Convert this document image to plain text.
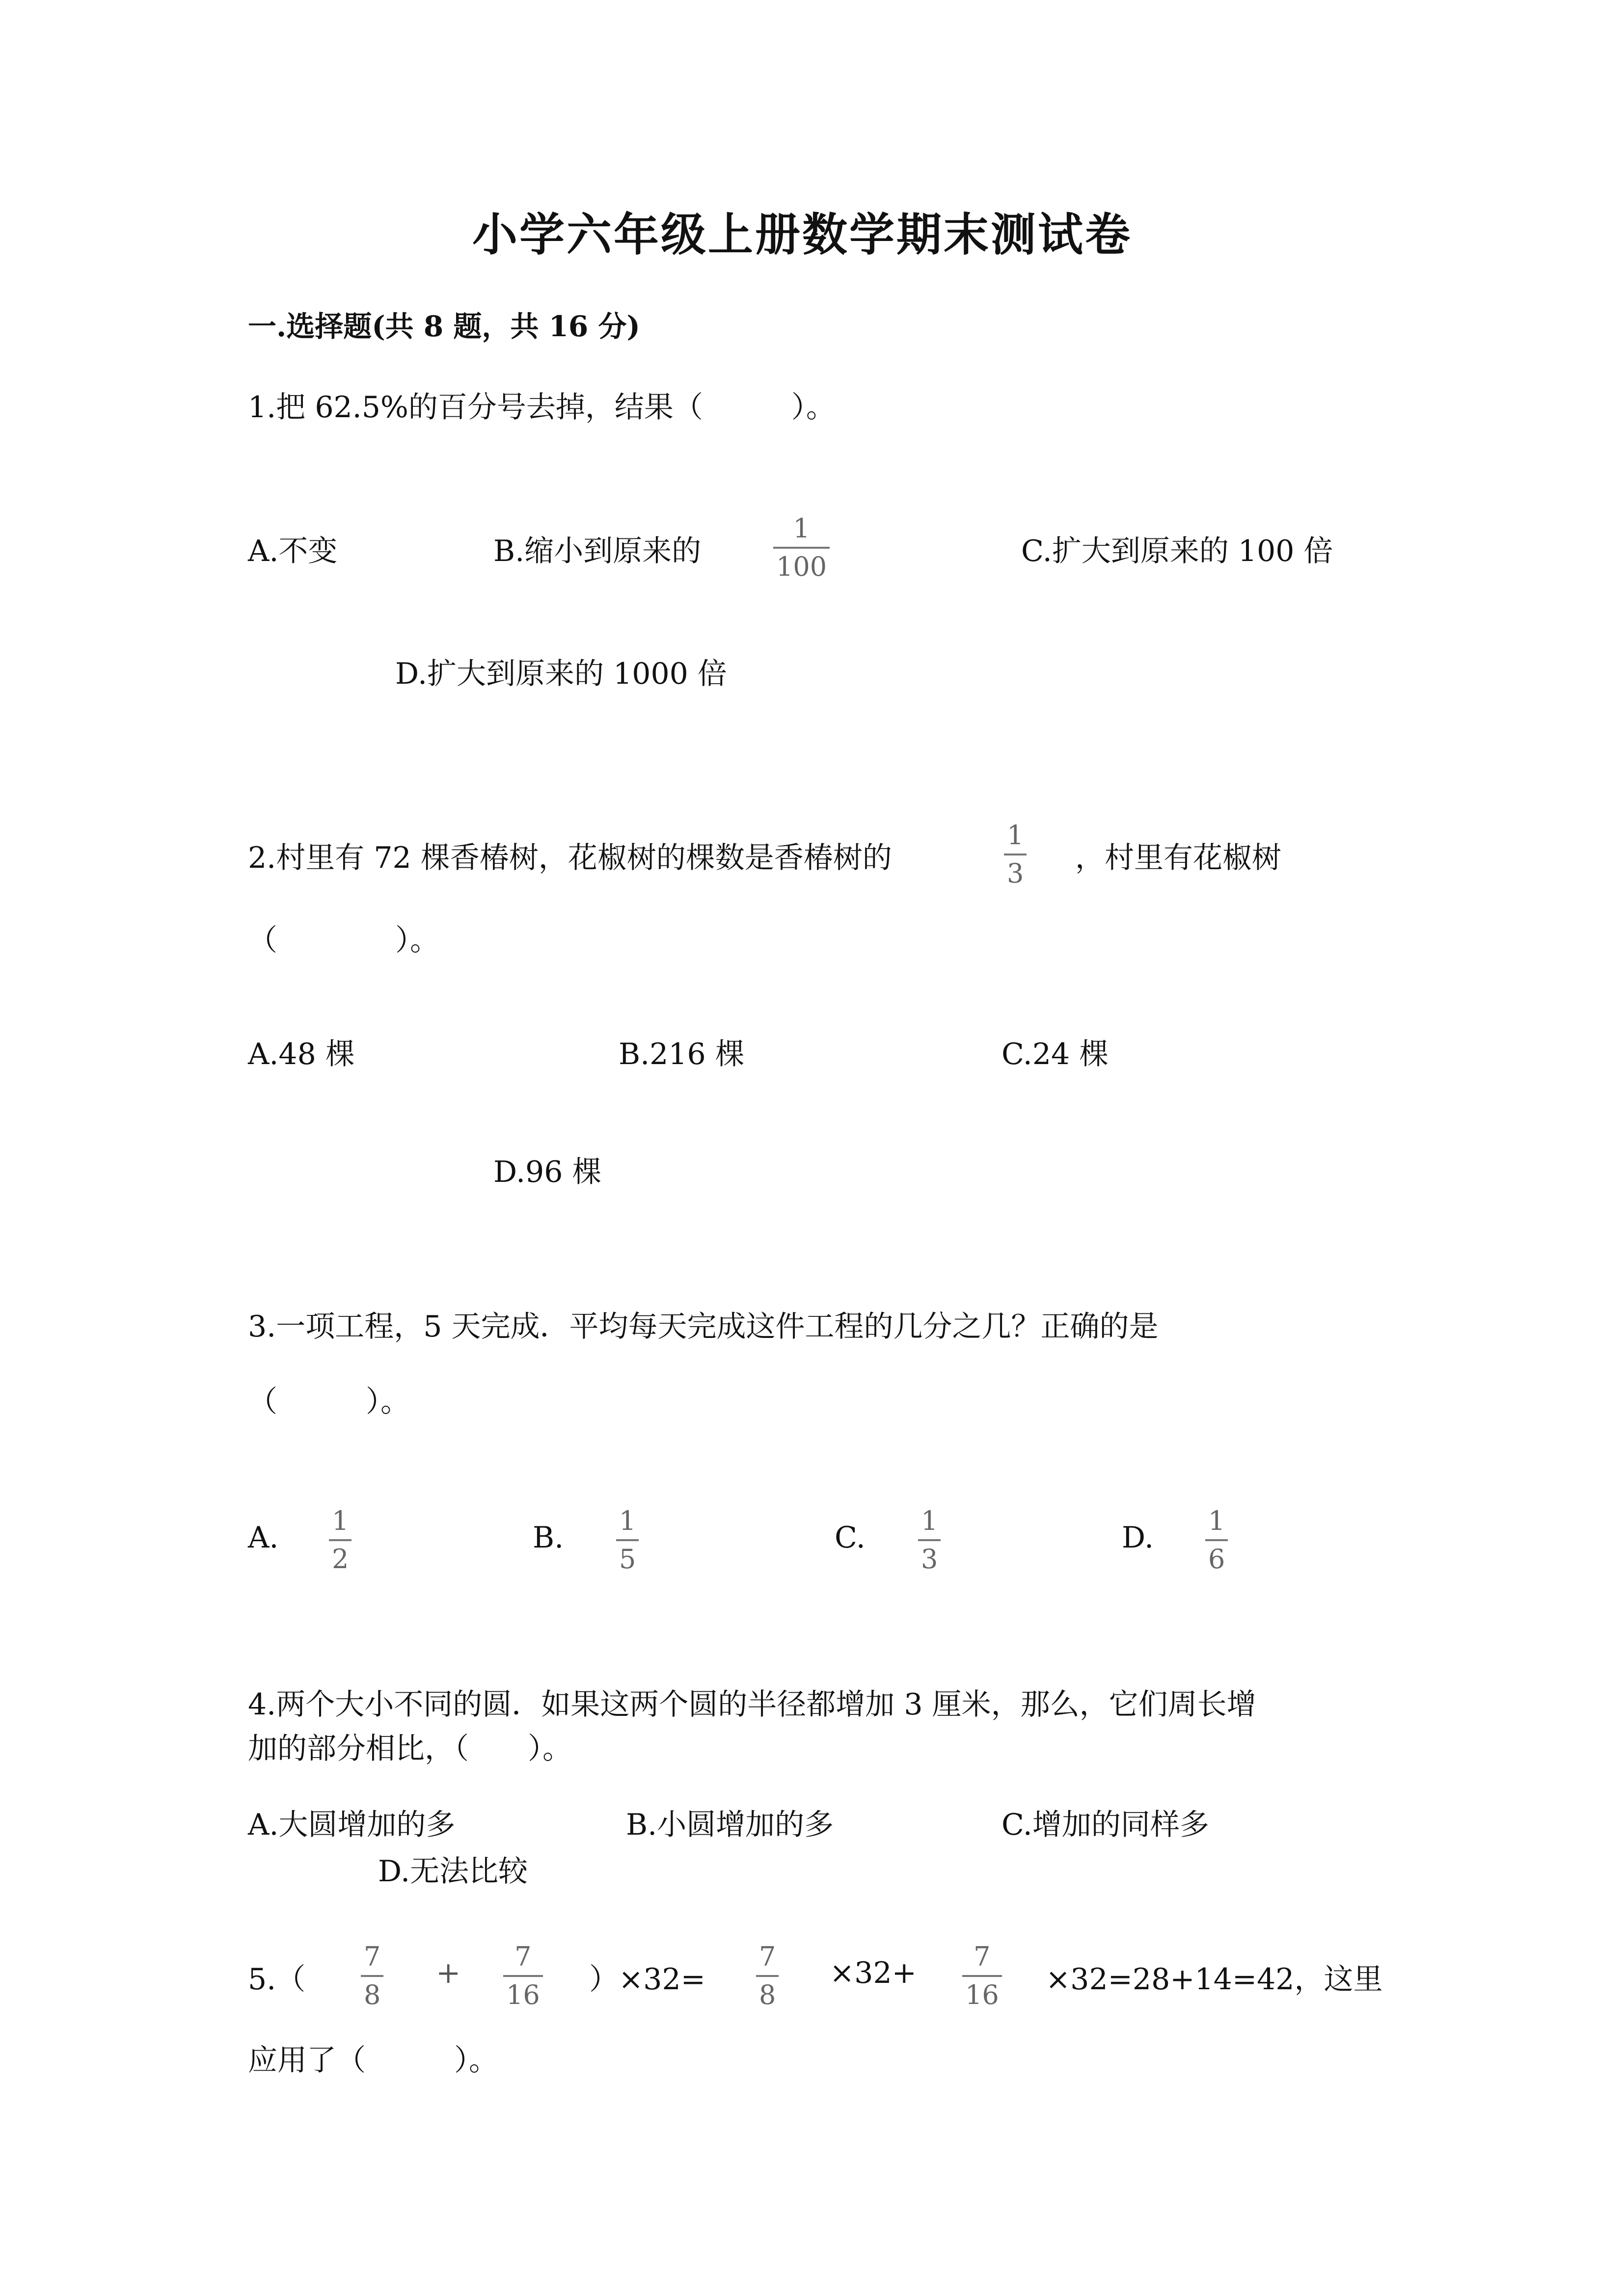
小学六年级上册数学期末测试卷
一.选择题(共 8 题，共 16 分)
1.把 62.5%的百分号去掉，结果（　　　）。
A.不变	B.缩小到原来的
1
100	C.扩大到原来的 100 倍
D.扩大到原来的 1000 倍
2.村里有 72 棵香椿树，花椒树的棵数是香椿树的
1
3 ，村里有花椒树
（　　　　）。
A.48 棵	B.216 棵	C.24 棵
D.96 棵
3.一项工程，5 天完成．平均每天完成这件工程的几分之几？正确的是
（　　　）。
A. 1
2
B. 1
5
C. 1
3
D. 1
6
4.两个大小不同的圆．如果这两个圆的半径都增加 3 厘米，那么，它们周长增
加的部分相比，（　　）。
A.大圆增加的多	B.小圆增加的多	C.增加的同样多
D.无法比较
5.（
7
8
+ 7
16 ）×32=
7
8
×32+ 7
16 ×32=28+14=42，这里
应用了（　　　）。
